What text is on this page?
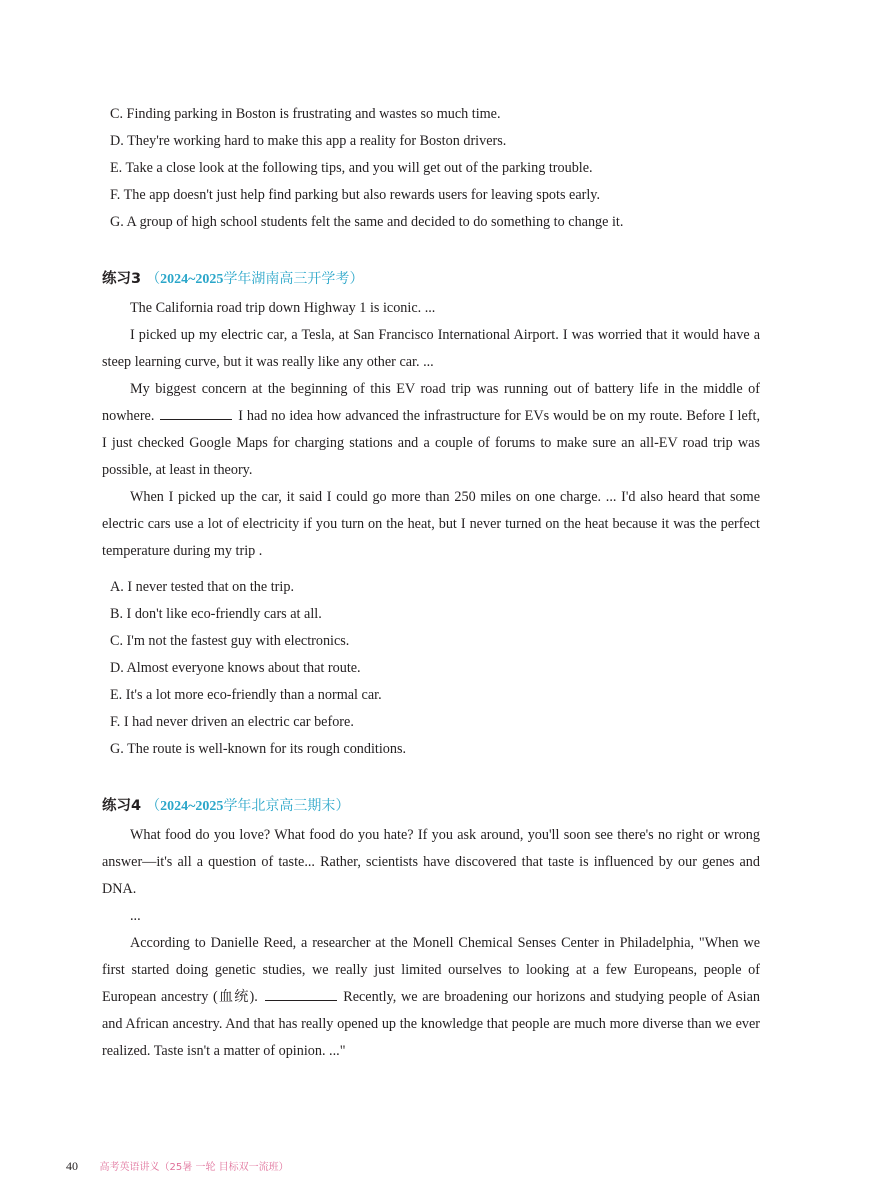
C. Finding parking in Boston is frustrating and wastes so much time.
D. They're working hard to make this app a reality for Boston drivers.
E. Take a close look at the following tips, and you will get out of the parking trouble.
F. The app doesn't just help find parking but also rewards users for leaving spots early.
G. A group of high school students felt the same and decided to do something to change it.
练习3 （2024~2025学年湖南高三开学考）

The California road trip down Highway 1 is iconic. ...

I picked up my electric car, a Tesla, at San Francisco International Airport. I was worried that it would have a steep learning curve, but it was really like any other car. ...

My biggest concern at the beginning of this EV road trip was running out of battery life in the middle of nowhere.	I had no idea how advanced the infrastructure for EVs would be on my route. Before I left, I just checked Google Maps for charging stations and a couple of forums to make sure an all-EV road trip was possible, at least in theory.

When I picked up the car, it said I could go more than 250 miles on one charge. ... I'd also heard that some electric cars use a lot of electricity if you turn on the heat, but I never turned on the heat because it was the perfect temperature during my trip .

A. I never tested that on the trip.
B. I don't like eco-friendly cars at all.
C. I'm not the fastest guy with electronics.
D. Almost everyone knows about that route.
E. It's a lot more eco-friendly than a normal car.
F. I had never driven an electric car before.
G. The route is well-known for its rough conditions.
练习4 （2024~2025学年北京高三期末）

What food do you love? What food do you hate? If you ask around, you'll soon see there's no right or wrong answer—it's all a question of taste... Rather, scientists have discovered that taste is influenced by our genes and DNA.

...

According to Danielle Reed, a researcher at the Monell Chemical Senses Center in Philadelphia, "When we first started doing genetic studies, we really just limited ourselves to looking at a few Europeans, people of European ancestry (血统).	Recently, we are broadening our horizons and studying people of Asian and African ancestry. And that has really opened up the knowledge that people are much more diverse than we ever realized. Taste isn't a matter of opinion. ..."

40 高考英语讲义（25暑 一轮 目标双一流班）
